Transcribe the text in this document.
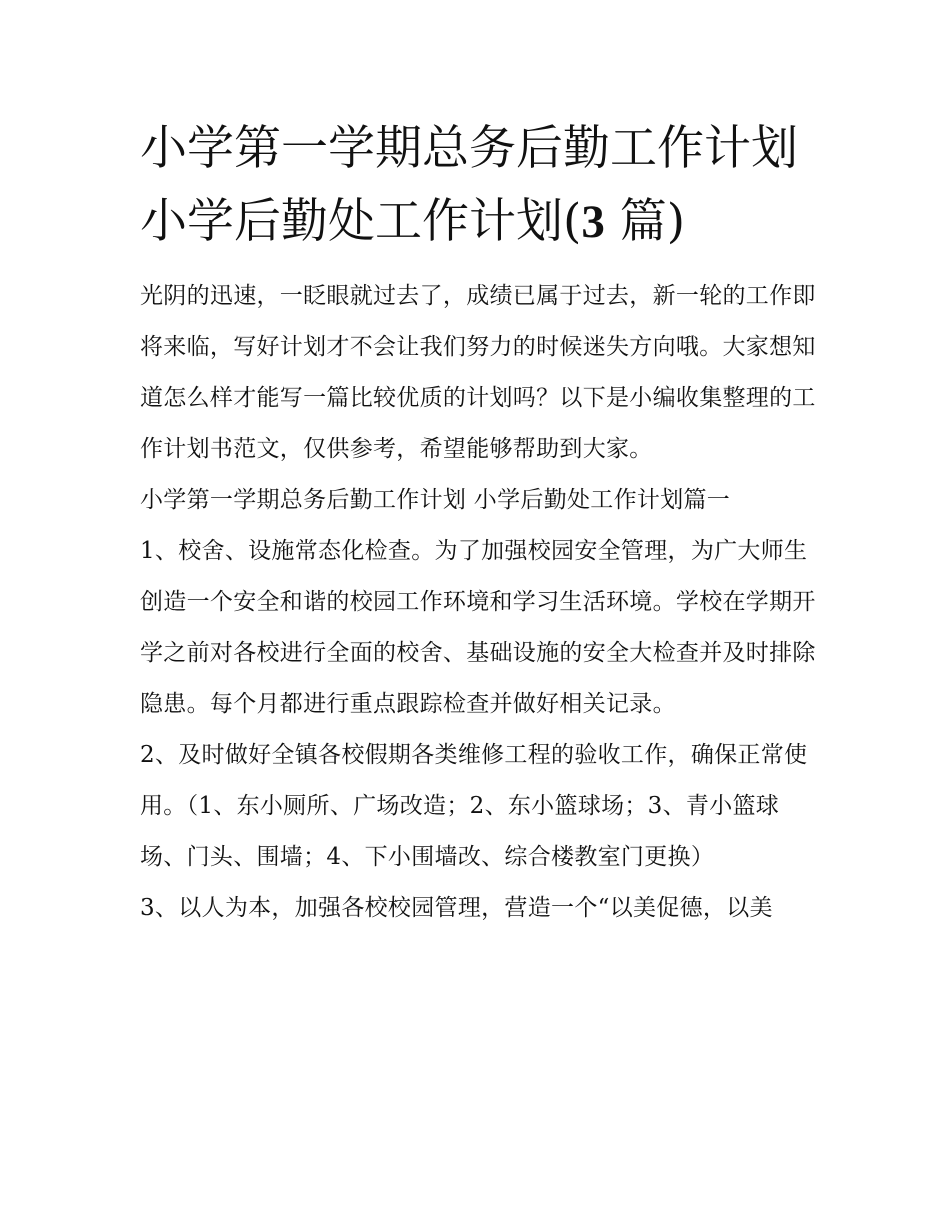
小学第一学期总务后勤工作计划 小学后勤处工作计划(3 篇)

光阴的迅速，一眨眼就过去了，成绩已属于过去，新一轮的工作即将来临，写好计划才不会让我们努力的时候迷失方向哦。大家想知道怎么样才能写一篇比较优质的计划吗？以下是小编收集整理的工作计划书范文，仅供参考，希望能够帮助到大家。

小学第一学期总务后勤工作计划 小学后勤处工作计划篇一

1、校舍、设施常态化检查。为了加强校园安全管理，为广大师生创造一个安全和谐的校园工作环境和学习生活环境。学校在学期开学之前对各校进行全面的校舍、基础设施的安全大检查并及时排除隐患。每个月都进行重点跟踪检查并做好相关记录。

2、及时做好全镇各校假期各类维修工程的验收工作，确保正常使用。（1、东小厕所、广场改造；2、东小篮球场；3、青小篮球场、门头、围墙；4、下小围墙改、综合楼教室门更换）

3、以人为本，加强各校校园管理，营造一个“以美促德，以美
